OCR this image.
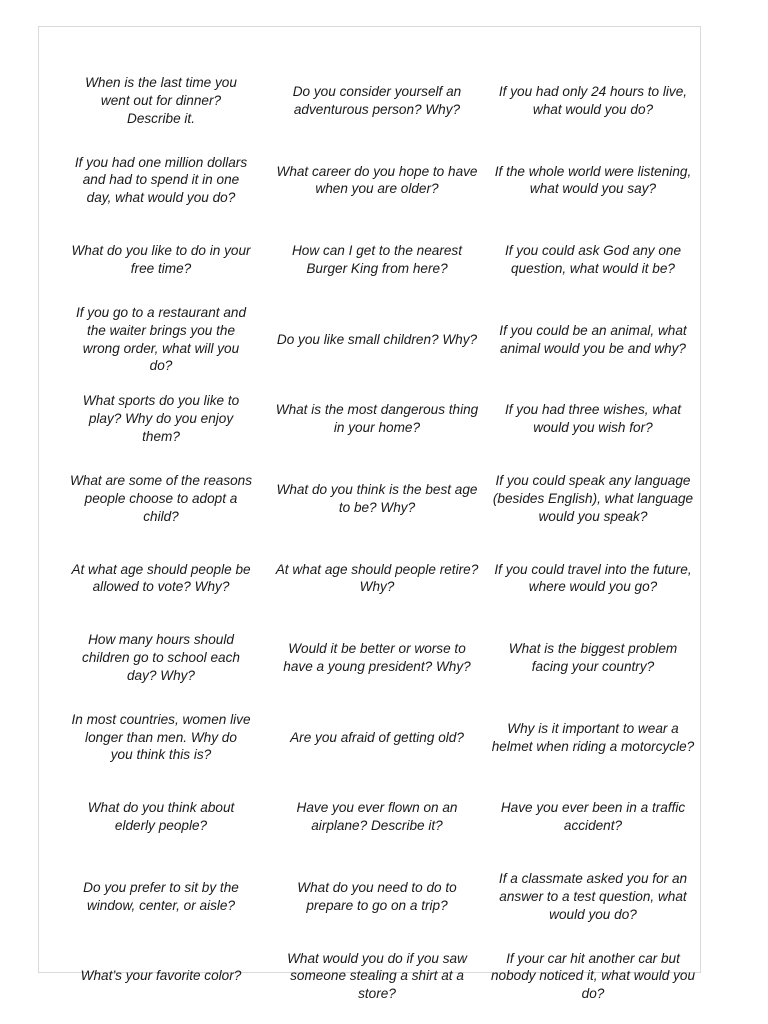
When is the last time you
went out for dinner?
Describe it.
Do you consider yourself an
adventurous person? Why?
If you had only 24 hours to live,
what would you do?
If you had one million dollars
and had to spend it in one
day, what would you do?
What career do you hope to have
when you are older?
If the whole world were listening,
what would you say?
What do you like to do in your
free time?
How can I get to the nearest
Burger King from here?
If you could ask God any one
question, what would it be?
If you go to a restaurant and
the waiter brings you the
wrong order, what will you
do?
Do you like small children? Why?
If you could be an animal, what
animal would you be and why?
What sports do you like to
play? Why do you enjoy
them?
What is the most dangerous thing
in your home?
If you had three wishes, what
would you wish for?
What are some of the reasons
people choose to adopt a
child?
What do you think is the best age
to be? Why?
If you could speak any language
(besides English), what language
would you speak?
At what age should people be
allowed to vote? Why?
At what age should people retire?
Why?
If you could travel into the future,
where would you go?
How many hours should
children go to school each
day? Why?
Would it be better or worse to
have a young president? Why?
What is the biggest problem
facing your country?
In most countries, women live
longer than men. Why do
you think this is?
Are you afraid of getting old?
Why is it important to wear a
helmet when riding a motorcycle?
What do you think about
elderly people?
Have you ever flown on an
airplane? Describe it?
Have you ever been in a traffic
accident?
Do you prefer to sit by the
window, center, or aisle?
What do you need to do to
prepare to go on a trip?
If a classmate asked you for an
answer to a test question, what
would you do?
What’s your favorite color?
What would you do if you saw
someone stealing a shirt at a
store?
If your car hit another car but
nobody noticed it, what would you
do?
